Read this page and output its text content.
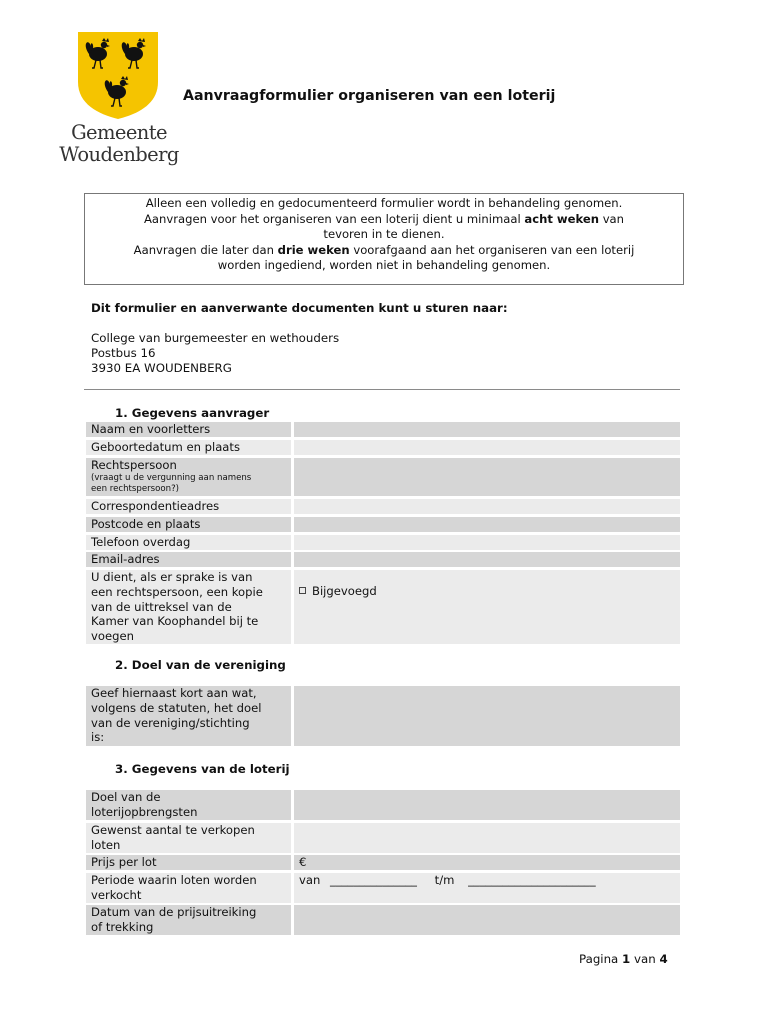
Gemeente
Woudenberg
Aanvraagformulier organiseren van een loterij
Alleen een volledig en gedocumenteerd formulier wordt in behandeling genomen.
Aanvragen voor het organiseren van een loterij dient u minimaal acht weken van
tevoren in te dienen.
Aanvragen die later dan drie weken voorafgaand aan het organiseren van een loterij
worden ingediend, worden niet in behandeling genomen.
Dit formulier en aanverwante documenten kunt u sturen naar:
College van burgemeester en wethouders
Postbus 16
3930 EA WOUDENBERG
1. Gegevens aanvrager
Naam en voorletters
Geboortedatum en plaats
Rechtspersoon
(vraagt u de vergunning aan namens
een rechtspersoon?)
Correspondentieadres
Postcode en plaats
Telefoon overdag
Email-adres
U dient, als er sprake is van
een rechtspersoon, een kopie
van de uittreksel van de
Kamer van Koophandel bij te
voegen
Bijgevoegd
2. Doel van de vereniging
Geef hiernaast kort aan wat,
volgens de statuten, het doel
van de vereniging/stichting
is:
3. Gegevens van de loterij
Doel van de
loterijopbrengsten
Gewenst aantal te verkopen
loten
Prijs per lot	€
Periode waarin loten worden
verkocht
van _______________ t/m ______________________
Datum van de prijsuitreiking
of trekking
Pagina 1 van 4
